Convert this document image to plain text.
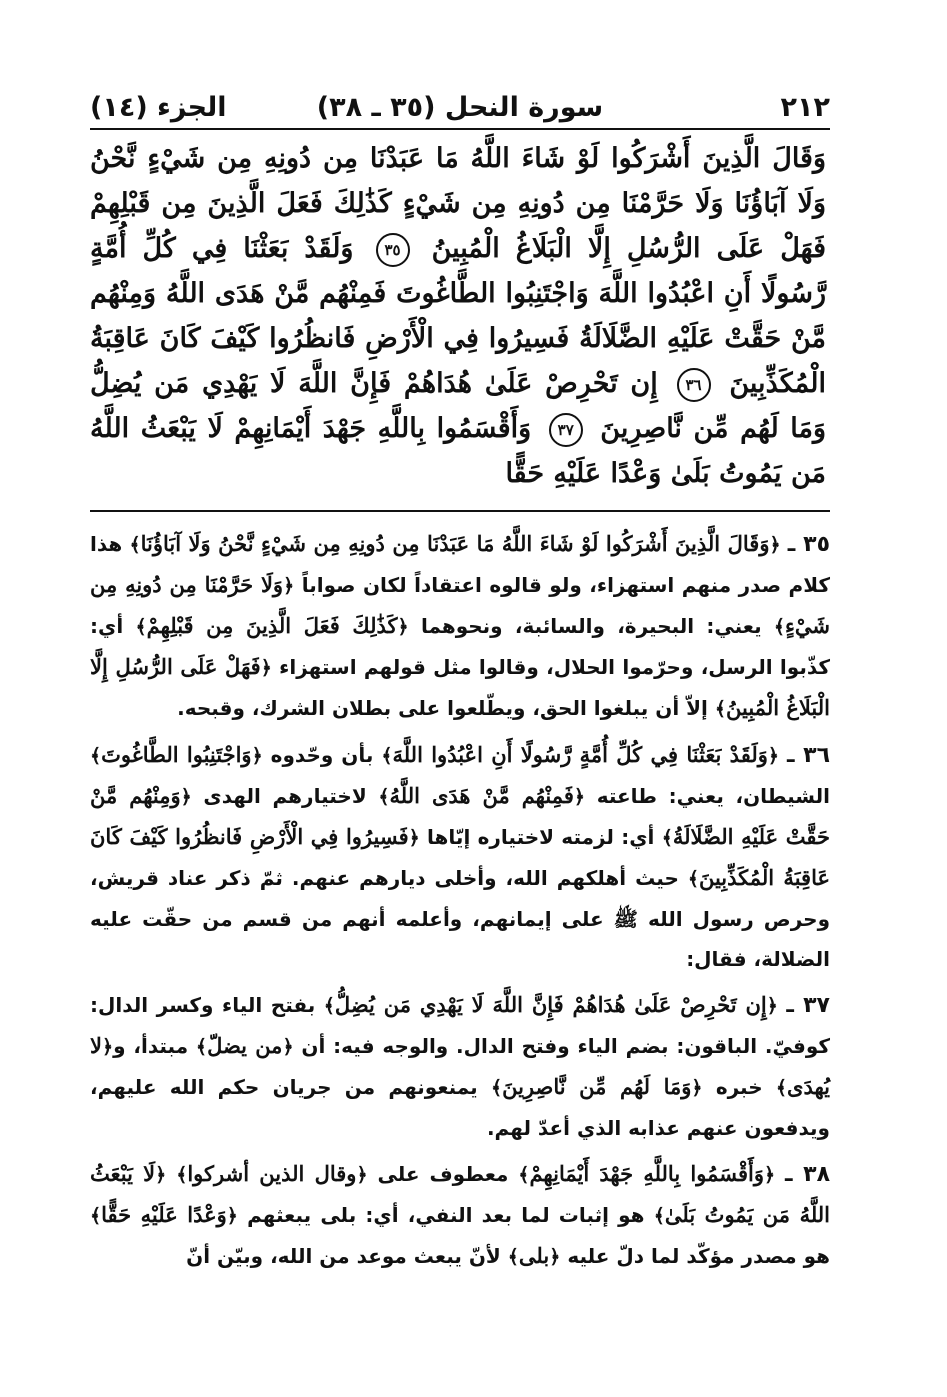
٢١٢
سورة النحل (٣٥ ـ ٣٨)
الجزء (١٤)

وَقَالَ الَّذِينَ أَشْرَكُوا لَوْ شَاءَ اللَّهُ مَا عَبَدْنَا مِن دُونِهِ مِن شَيْءٍ نَّحْنُ وَلَا آبَاؤُنَا وَلَا حَرَّمْنَا مِن دُونِهِ مِن شَيْءٍ كَذَٰلِكَ فَعَلَ الَّذِينَ مِن قَبْلِهِمْ فَهَلْ عَلَى الرُّسُلِ إِلَّا الْبَلَاغُ الْمُبِينُ ٣٥ وَلَقَدْ بَعَثْنَا فِي كُلِّ أُمَّةٍ رَّسُولًا أَنِ اعْبُدُوا اللَّهَ وَاجْتَنِبُوا الطَّاغُوتَ فَمِنْهُم مَّنْ هَدَى اللَّهُ وَمِنْهُم مَّنْ حَقَّتْ عَلَيْهِ الضَّلَالَةُ فَسِيرُوا فِي الْأَرْضِ فَانظُرُوا كَيْفَ كَانَ عَاقِبَةُ الْمُكَذِّبِينَ ٣٦ إِن تَحْرِصْ عَلَىٰ هُدَاهُمْ فَإِنَّ اللَّهَ لَا يَهْدِي مَن يُضِلُّ وَمَا لَهُم مِّن نَّاصِرِينَ ٣٧ وَأَقْسَمُوا بِاللَّهِ جَهْدَ أَيْمَانِهِمْ لَا يَبْعَثُ اللَّهُ مَن يَمُوتُ بَلَىٰ وَعْدًا عَلَيْهِ حَقًّا

٣٥ ـ ﴿وَقَالَ الَّذِينَ أَشْرَكُوا لَوْ شَاءَ اللَّهُ مَا عَبَدْنَا مِن دُونِهِ مِن شَيْءٍ نَّحْنُ وَلَا آبَاؤُنَا﴾ هذا كلام صدر منهم استهزاء، ولو قالوه اعتقاداً لكان صواباً ﴿وَلَا حَرَّمْنَا مِن دُونِهِ مِن شَيْءٍ﴾ يعني: البحيرة، والسائبة، ونحوهما ﴿كَذَٰلِكَ فَعَلَ الَّذِينَ مِن قَبْلِهِمْ﴾ أي: كذّبوا الرسل، وحرّموا الحلال، وقالوا مثل قولهم استهزاء ﴿فَهَلْ عَلَى الرُّسُلِ إِلَّا الْبَلَاغُ الْمُبِينُ﴾ إلاّ أن يبلغوا الحق، ويطّلعوا على بطلان الشرك، وقبحه.

٣٦ ـ ﴿وَلَقَدْ بَعَثْنَا فِي كُلِّ أُمَّةٍ رَّسُولًا أَنِ اعْبُدُوا اللَّهَ﴾ بأن وحّدوه ﴿وَاجْتَنِبُوا الطَّاغُوتَ﴾ الشيطان، يعني: طاعته ﴿فَمِنْهُم مَّنْ هَدَى اللَّهُ﴾ لاختيارهم الهدى ﴿وَمِنْهُم مَّنْ حَقَّتْ عَلَيْهِ الضَّلَالَةُ﴾ أي: لزمته لاختياره إيّاها ﴿فَسِيرُوا فِي الْأَرْضِ فَانظُرُوا كَيْفَ كَانَ عَاقِبَةُ الْمُكَذِّبِينَ﴾ حيث أهلكهم الله، وأخلى ديارهم عنهم. ثمّ ذكر عناد قريش، وحرص رسول الله ﷺ على إيمانهم، وأعلمه أنهم من قسم من حقّت عليه الضلالة، فقال:

٣٧ ـ ﴿إِن تَحْرِصْ عَلَىٰ هُدَاهُمْ فَإِنَّ اللَّهَ لَا يَهْدِي مَن يُضِلُّ﴾ بفتح الياء وكسر الدال: كوفيّ. الباقون: بضم الياء وفتح الدال. والوجه فيه: أن ﴿من يضلّ﴾ مبتدأ، و﴿لا يُهدَى﴾ خبره ﴿وَمَا لَهُم مِّن نَّاصِرِينَ﴾ يمنعونهم من جريان حكم الله عليهم، ويدفعون عنهم عذابه الذي أعدّ لهم.

٣٨ ـ ﴿وَأَقْسَمُوا بِاللَّهِ جَهْدَ أَيْمَانِهِمْ﴾ معطوف على ﴿وقال الذين أشركوا﴾ ﴿لَا يَبْعَثُ اللَّهُ مَن يَمُوتُ بَلَىٰ﴾ هو إثبات لما بعد النفي، أي: بلى يبعثهم ﴿وَعْدًا عَلَيْهِ حَقًّا﴾ هو مصدر مؤكّد لما دلّ عليه ﴿بلى﴾ لأنّ يبعث موعد من الله، وبيّن أنّ
